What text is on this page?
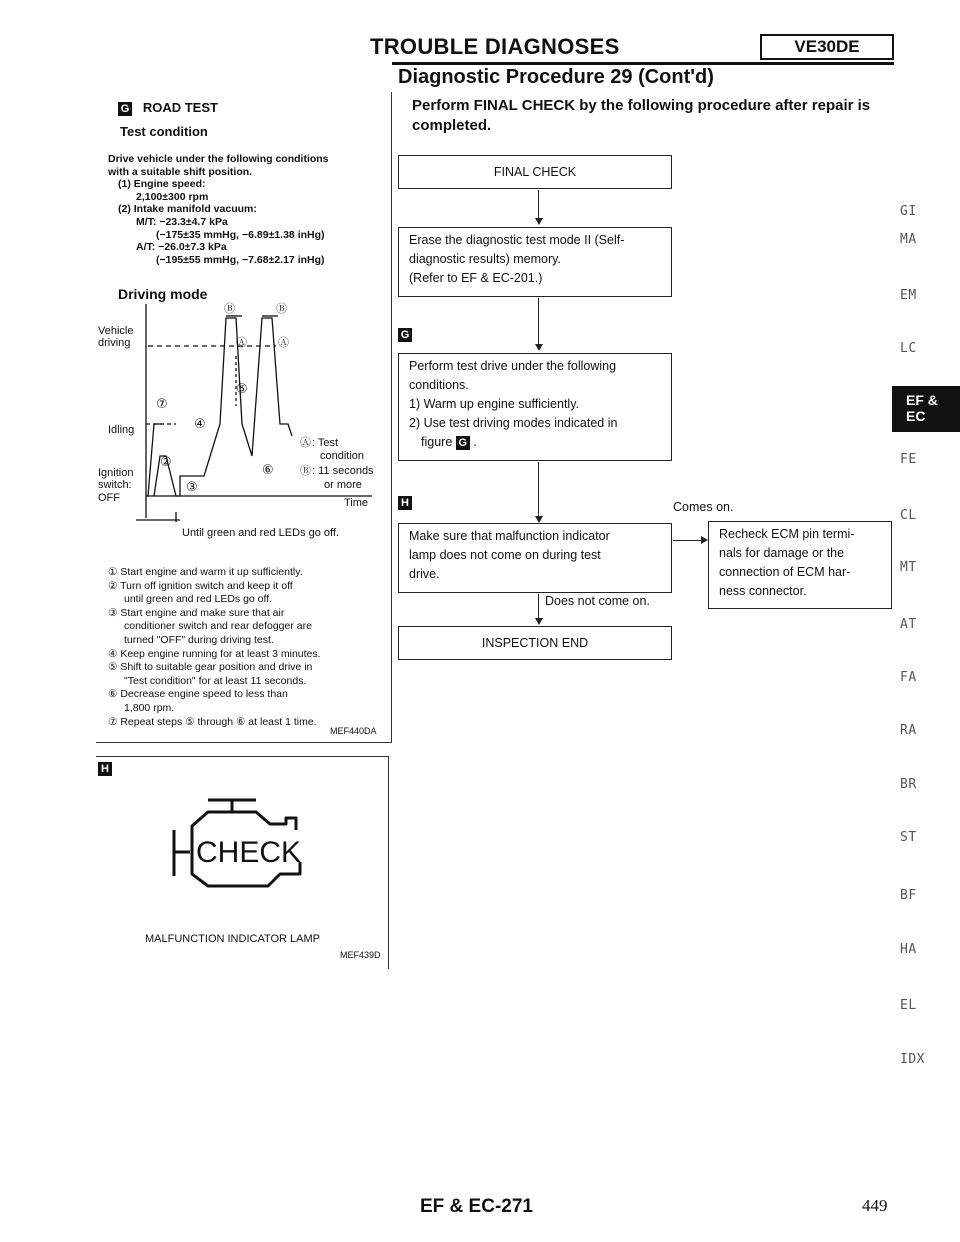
TROUBLE DIAGNOSES	VE30DE
Diagnostic Procedure 29 (Cont'd)
Perform FINAL CHECK by the following procedure after repair is completed.
G ROAD TEST
Test condition
Drive vehicle under the following conditions
with a suitable shift position.
(1) Engine speed:
2,100±300 rpm
(2) Intake manifold vacuum:
M/T: −23.3±4.7 kPa
(−175±35 mmHg, −6.89±1.38 inHg)
A/T: −26.0±7.3 kPa
(−195±55 mmHg, −7.68±2.17 inHg)
Driving mode
Vehicle
driving
Idling
Ignition
switch:
OFF	Time
⑦
④
⑤
②
③
⑥
Ⓑ	Ⓑ
Ⓐ	Ⓐ
Ⓐ : Test
condition
Ⓑ : 11 seconds
or more
Until green and red LEDs go off.
① Start engine and warm it up sufficiently.
② Turn off ignition switch and keep it off
until green and red LEDs go off.
③ Start engine and make sure that air
conditioner switch and rear defogger are
turned "OFF" during driving test.
④ Keep engine running for at least 3 minutes.
⑤ Shift to suitable gear position and drive in
"Test condition" for at least 11 seconds.
⑥ Decrease engine speed to less than
1,800 rpm.
⑦ Repeat steps ⑤ through ⑥ at least 1 time.
MEF440DA
H
CHECK
MALFUNCTION INDICATOR LAMP
MEF439D
FINAL CHECK
Erase the diagnostic test mode II (Self-
diagnostic results) memory.
(Refer to EF & EC-201.)
G
Perform test drive under the following
conditions.
1) Warm up engine sufficiently.
2) Use test driving modes indicated in
figure G .
H	Comes on.
Make sure that malfunction indicator
lamp does not come on during test
drive.
Recheck ECM pin termi-
nals for damage or the
connection of ECM har-
ness connector.
Does not come on.
INSPECTION END
GI
MA
EM
LC
EF &
EC
FE
CL
MT
AT
FA
RA
BR
ST
BF
HA
EL
IDX
EF & EC-271	449
